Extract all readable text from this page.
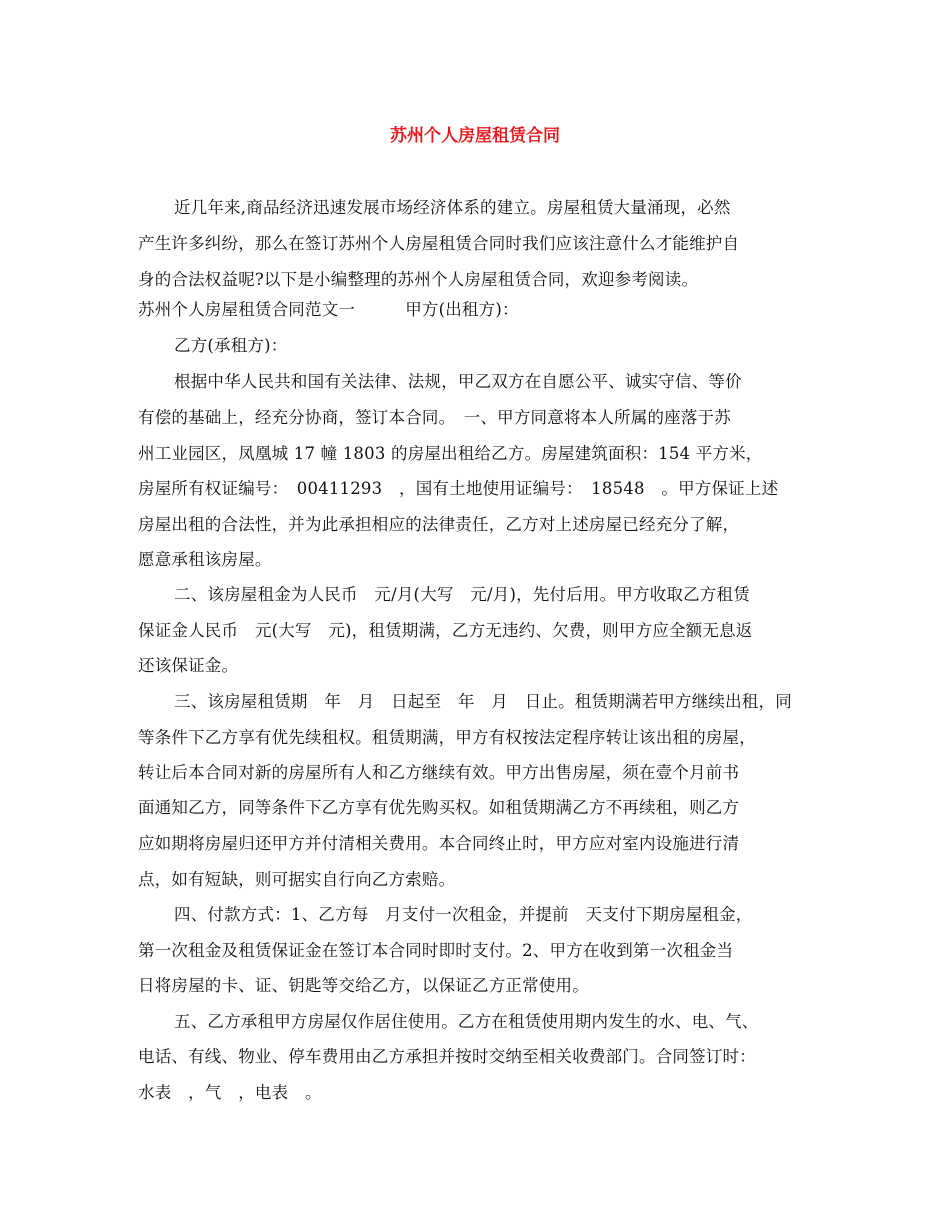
苏州个人房屋租赁合同
近几年来,商品经济迅速发展市场经济体系的建立。房屋租赁大量涌现，必然
产生许多纠纷，那么在签订苏州个人房屋租赁合同时我们应该注意什么才能维护自
身的合法权益呢?以下是小编整理的苏州个人房屋租赁合同，欢迎参考阅读。
苏州个人房屋租赁合同范文一　　　甲方(出租方)：
乙方(承租方)：
根据中华人民共和国有关法律、法规，甲乙双方在自愿公平、诚实守信、等价
有偿的基础上，经充分协商，签订本合同。　一、甲方同意将本人所属的座落于苏
州工业园区，凤凰城 17 幢 1803 的房屋出租给乙方。房屋建筑面积：154 平方米，
房屋所有权证编号：　00411293　，国有土地使用证编号：　18548　。甲方保证上述
房屋出租的合法性，并为此承担相应的法律责任，乙方对上述房屋已经充分了解，
愿意承租该房屋。
二、该房屋租金为人民币　元/月(大写　元/月)，先付后用。甲方收取乙方租赁
保证金人民币　元(大写　元)，租赁期满，乙方无违约、欠费，则甲方应全额无息返
还该保证金。
三、该房屋租赁期　年　月　日起至　年　月　日止。租赁期满若甲方继续出租，同
等条件下乙方享有优先续租权。租赁期满，甲方有权按法定程序转让该出租的房屋，
转让后本合同对新的房屋所有人和乙方继续有效。甲方出售房屋，须在壹个月前书
面通知乙方，同等条件下乙方享有优先购买权。如租赁期满乙方不再续租，则乙方
应如期将房屋归还甲方并付清相关费用。本合同终止时，甲方应对室内设施进行清
点，如有短缺，则可据实自行向乙方索赔。
四、付款方式：1、乙方每　月支付一次租金，并提前　天支付下期房屋租金，
第一次租金及租赁保证金在签订本合同时即时支付。2、甲方在收到第一次租金当
日将房屋的卡、证、钥匙等交给乙方，以保证乙方正常使用。
五、乙方承租甲方房屋仅作居住使用。乙方在租赁使用期内发生的水、电、气、
电话、有线、物业、停车费用由乙方承担并按时交纳至相关收费部门。合同签订时：
水表　，气　，电表　。
